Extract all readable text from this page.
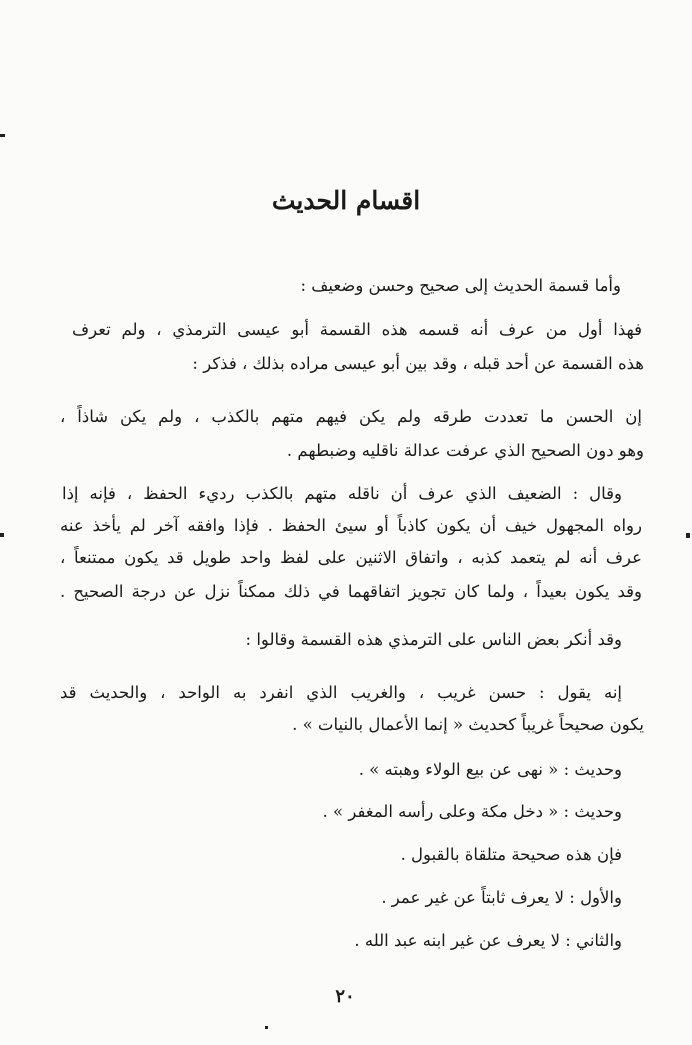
اقسام الحديث
وأما قسمة الحديث إلى صحيح وحسن وضعيف :
فهذا أول من عرف أنه قسمه هذه القسمة أبو عيسى الترمذي ، ولم تعرف
هذه القسمة عن أحد قبله ، وقد بين أبو عيسى مراده بذلك ، فذكر :
إن الحسن ما تعددت طرقه ولم يكن فيهم متهم بالكذب ، ولم يكن شاذاً ،
وهو دون الصحيح الذي عرفت عدالة ناقليه وضبطهم .
وقال : الضعيف الذي عرف أن ناقله متهم بالكذب رديء الحفظ ، فإنه إذا
رواه المجهول خيف أن يكون كاذباً أو سيئ الحفظ . فإذا وافقه آخر لم يأخذ عنه
عرف أنه لم يتعمد كذبه ، واتفاق الاثنين على لفظ واحد طويل قد يكون ممتنعاً ،
وقد يكون بعيداً ، ولما كان تجويز اتفاقهما في ذلك ممكناً نزل عن درجة الصحيح .
وقد أنكر بعض الناس على الترمذي هذه القسمة وقالوا :
إنه يقول : حسن غريب ، والغريب الذي انفرد به الواحد ، والحديث قد
يكون صحيحاً غريباً كحديث « إنما الأعمال بالنيات » .
وحديث : « نهى عن بيع الولاء وهبته » .
وحديث : « دخل مكة وعلى رأسه المغفر » .
فإن هذه صحيحة متلقاة بالقبول .
والأول : لا يعرف ثابتاً عن غير عمر .
والثاني : لا يعرف عن غير ابنه عبد الله .
٢٠
